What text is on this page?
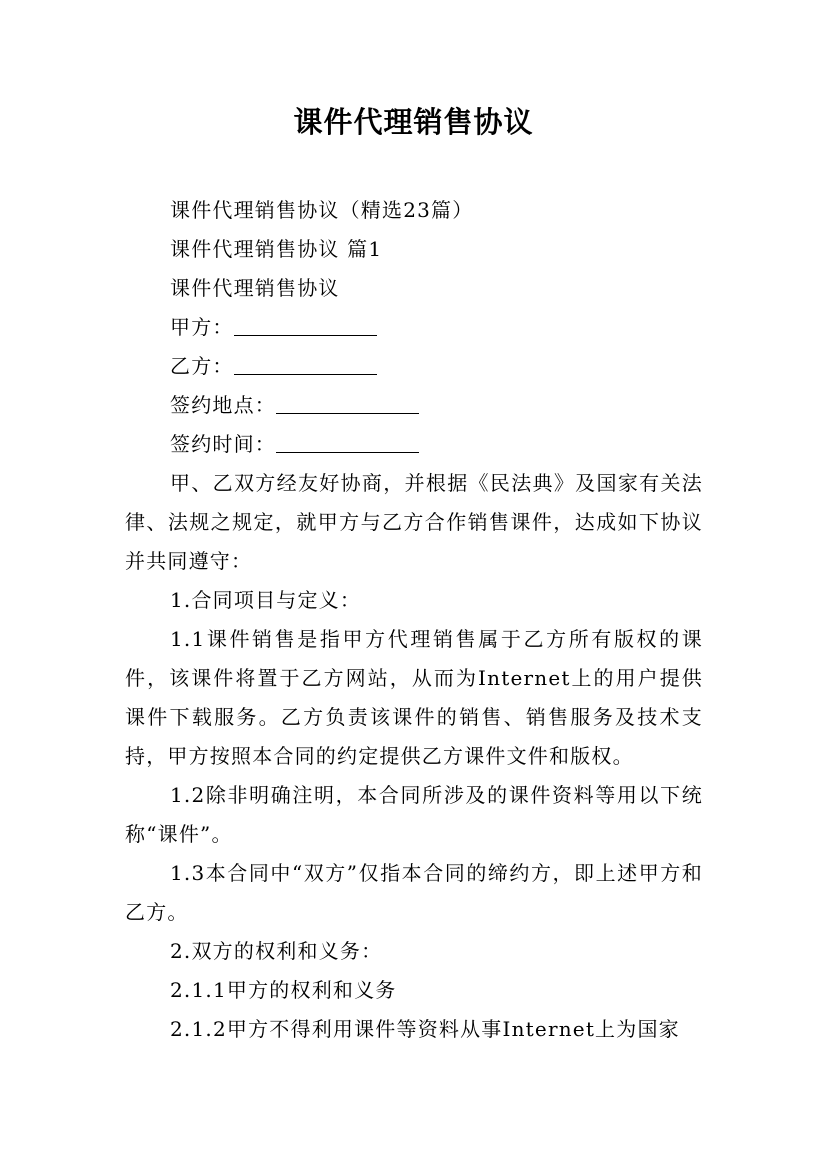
课件代理销售协议
课件代理销售协议（精选23篇）
课件代理销售协议 篇1
课件代理销售协议
甲方：
乙方：
签约地点：
签约时间：

甲、乙双方经友好协商，并根据《民法典》及国家有关法律、法规之规定，就甲方与乙方合作销售课件，达成如下协议并共同遵守：

1.合同项目与定义：

1.1课件销售是指甲方代理销售属于乙方所有版权的课件，该课件将置于乙方网站，从而为Internet上的用户提供课件下载服务。乙方负责该课件的销售、销售服务及技术支持，甲方按照本合同的约定提供乙方课件文件和版权。

1.2除非明确注明，本合同所涉及的课件资料等用以下统称“课件”。

1.3本合同中“双方”仅指本合同的缔约方，即上述甲方和乙方。

2.双方的权利和义务：

2.1.1甲方的权利和义务

2.1.2甲方不得利用课件等资料从事Internet上为国家
